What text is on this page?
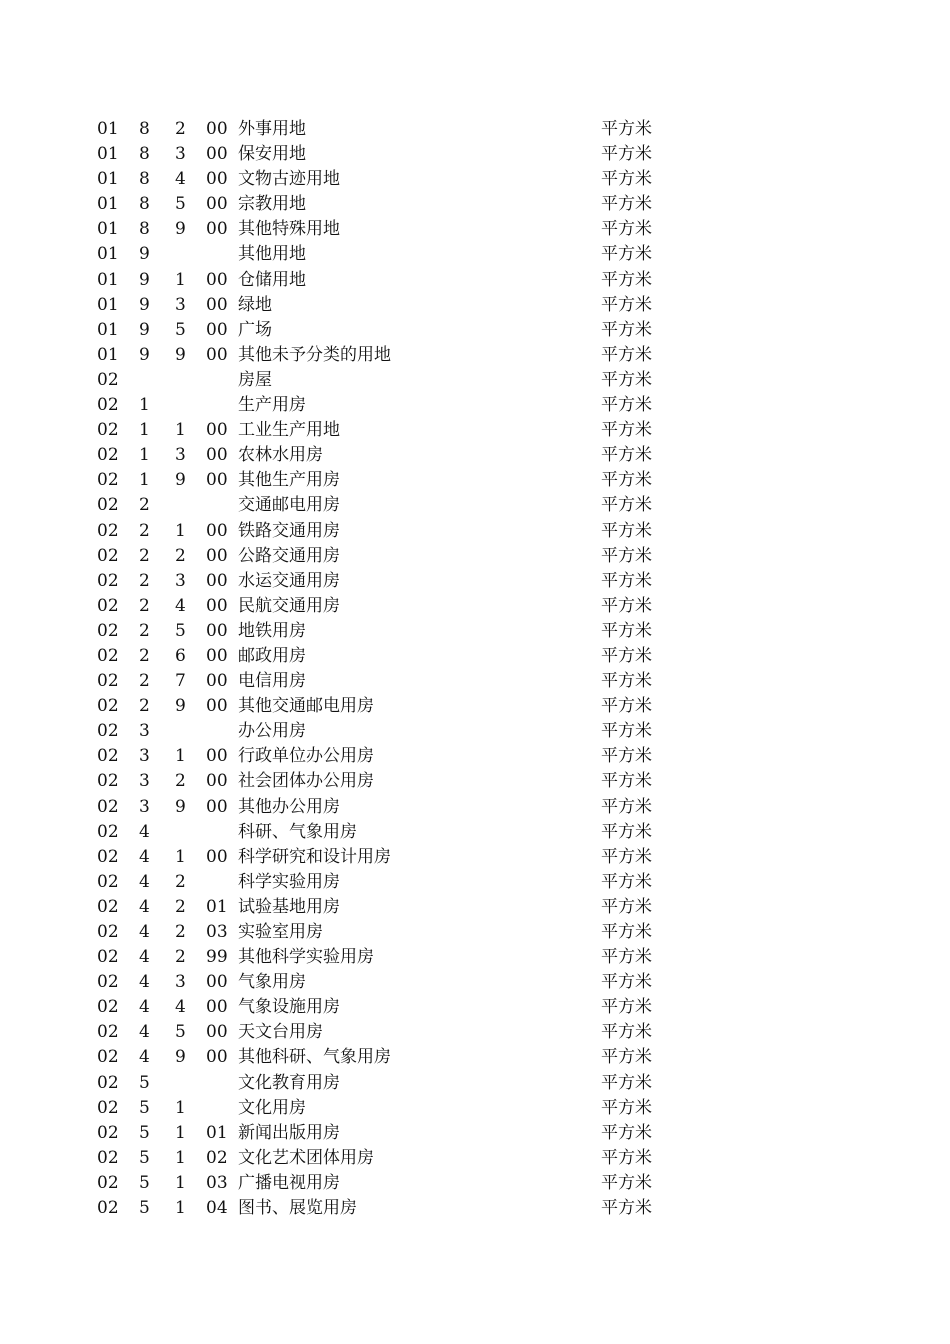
01 8 2 00 外事用地	平方米
01 8 3 00 保安用地	平方米
01 8 4 00 文物古迹用地	平方米
01 8 5 00 宗教用地	平方米
01 8 9 00 其他特殊用地	平方米
01 9	其他用地	平方米
01 9 1 00 仓储用地	平方米
01 9 3 00 绿地	平方米
01 9 5 00 广场	平方米
01 9 9 00 其他未予分类的用地	平方米
02	房屋	平方米
02 1	生产用房	平方米
02 1 1 00 工业生产用地	平方米
02 1 3 00 农林水用房	平方米
02 1 9 00 其他生产用房	平方米
02 2	交通邮电用房	平方米
02 2 1 00 铁路交通用房	平方米
02 2 2 00 公路交通用房	平方米
02 2 3 00 水运交通用房	平方米
02 2 4 00 民航交通用房	平方米
02 2 5 00 地铁用房	平方米
02 2 6 00 邮政用房	平方米
02 2 7 00 电信用房	平方米
02 2 9 00 其他交通邮电用房	平方米
02 3	办公用房	平方米
02 3 1 00 行政单位办公用房	平方米
02 3 2 00 社会团体办公用房	平方米
02 3 9 00 其他办公用房	平方米
02 4	科研、气象用房	平方米
02 4 1 00 科学研究和设计用房	平方米
02 4 2	科学实验用房	平方米
02 4 2 01 试验基地用房	平方米
02 4 2 03 实验室用房	平方米
02 4 2 99 其他科学实验用房	平方米
02 4 3 00 气象用房	平方米
02 4 4 00 气象设施用房	平方米
02 4 5 00 天文台用房	平方米
02 4 9 00 其他科研、气象用房	平方米
02 5	文化教育用房	平方米
02 5 1	文化用房	平方米
02 5 1 01 新闻出版用房	平方米
02 5 1 02 文化艺术团体用房	平方米
02 5 1 03 广播电视用房	平方米
02 5 1 04 图书、展览用房	平方米
